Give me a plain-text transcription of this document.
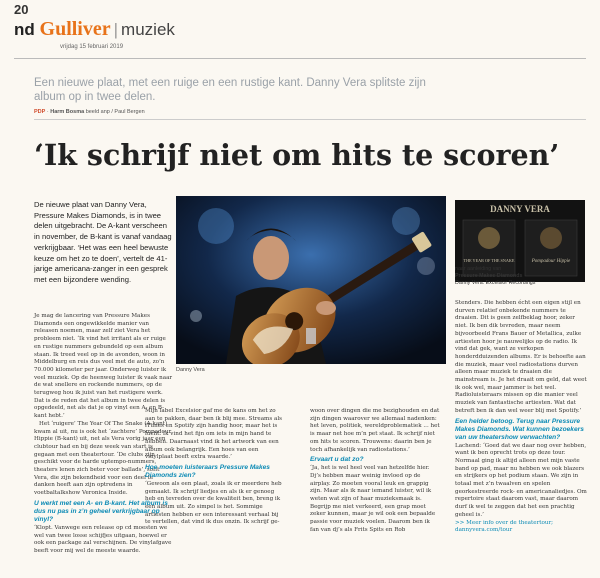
20
nd Gulliver | muziek
vrijdag 15 februari 2019
Een nieuwe plaat, met een ruige en een rustige kant. Danny Vera splitste zijn album op in twee delen.
PDP · Harm Bosma beeld anp / Paul Bergen
‘Ik schrijf niet om hits te scoren’
De nieuwe plaat van Danny Vera, Pressure Makes Diamonds, is in twee delen uitgebracht. De A-kant verscheen in november, de B-kant is vanaf vandaag verkrijgbaar. ‘Het was een heel bewuste keuze om het zo te doen’, vertelt de 41-jarige americana-zanger in een gesprek met een bijzondere wending.
Danny Vera
DANNY VERA
THE YEAR OF THE SNAKE	Pompadour Hippie
naar aanleiding van
Pressure Makes Diamonds
Danny Vera. Excelsior Recordings

Je mag de lancering van Pressure Makes Diamonds een ongewikkelde manier van releasen noemen, maar zelf ziet Vera het probleem niet. ‘Ik vind het irritant als er ruige en rustige nummers gebundeld op een album staan. Ik treed veel op in de avonden, woon in Middelburg en reis dus veel met de auto, zo’n 70.000 kilometer per jaar. Onderweg luister ik veel muziek. Op de heenweg luister ik vaak naar de wat snellere en rockende nummers, op de terugweg hou ik juist van het rustigere werk. Dat is de reden dat het album in twee delen is opgedeeld, net als dat je op vinyl een A- en B-kant hebt.’

Het ‘ruigere’ The Year Of The Snake (A-kant) kwam al uit, nu is ook het ‘zachtere’ Pompadour Hippie (B-kant) uit, net als Vera vorig jaar een clubtour had en bij deze week van start is gegaan met een theatertour. ‘De clubs zijn geschikt voor de harde uptempo-nummers, theaters lenen zich beter voor ballads’, stelt Vera, die zijn bekendheid voor een deel te danken heeft aan zijn optredens in voetbaltalkshow Veronica Inside.

U werkt met een A- en B-kant. Het album is dus nu pas in z’n geheel verkrijgbaar op vinyl?

‘Klopt. Vanwege een release op cd moesten we wel van twee losse schijfjes uitgaan, hoewel er ook een package zal verschijnen. De vinylafgave beeft voor mij wel de meeste waarde.

Mijn label Excelsior gaf me de kans om het zo aan te pakken, daar ben ik blij mee. Streams als iTunes en Spotify zijn handig hoor, maar het is lucht. Ik vind het fijn om iets in mijn hand te hebben. Daarnaast vind ik het artwork van een album ook belangrijk. Een hoes van een vinylplaat beeft extra waarde.’

Hoe moeten luisteraars Pressure Makes Diamonds zien?

‘Gewoon als een plaat, zoals ik er meerdere heb gemaakt. Ik schrijf liedjes en als ik er genoeg heb en tevreden over de kwaliteit ben, breng ik een album uit. Zo simpel is het. Sommige artiesten hebben er een interessant verhaal bij te vertellen, dat vind ik dus onzin. Ik schrijf ge-

woon over dingen die me bezighouden en dat zijn dingen waarover we allemaal nadenken: het leven, politiek, wereldproblematiek ... het is maar net hoe m’n pet staat. Ik schrijf niet om hits te scoren. Trouwens: daarin ben je toch afhankelijk van radiostations.’

Ervaart u dat zo?

‘Ja, het is wel heel veel van hetzelfde hier. Dj’s hebben maar weinig invloed op de airplay. Zo moeten vooral leuk en grappig zijn. Maar als ik naar iemand luister, wil ik weten wat zijn of haar muzieksmaak is. Begrijp me niet verkeerd, een grap moet zeker kunnen, maar je wil ook een bepaalde passie voor muziek voelen. Daarom ben ik fan van dj’s als Frits Spits en Rob

Stenders. Die hebben écht een eigen stijl en durven relatief onbekende nummers te draaien. Dit is geen zelfbeklag hoor, zeker niet. Ik ben dik tevreden, maar neem bijvoorbeeld Frans Bauer of Metallica, zulke artiesten hoor je nauwelijks op de radio. Ik vind dat gek, want ze verkopen honderdduizenden albums. Er is behoefte aan die muziek, maar veel radiostations durven alleen maar muziek te draaien die mainstream is. Je het draait om geld, dat weet ik ook wel, maar jammer is het wel. Radioluisteraars missen op die manier veel muziek van fantastische artiesten. Wat dat betreft ben ik dan wel weer blij met Spotify.’

Een helder betoog. Terug naar Pressure Makes Diamonds. Wat kunnen bezoekers van uw theatershow verwachten?

Lachend: ‘Goed dat we daar nog over hebben, want ik ben oprecht trots op deze tour. Normaal ging ik altijd alleen met mijn vaste band op pad, maar nu hebben we ook blazers en strijkers op het podium staan. We zijn in totaal met z’n twaalven en spelen georkestreerde rock- en americanaliedjes. Om repertoire staat daarom vast, maar daarom durf ik wel te zeggen dat het een prachtig geheel is.’

>> Meer info over de theatertour;

dannyvera.com/tour
